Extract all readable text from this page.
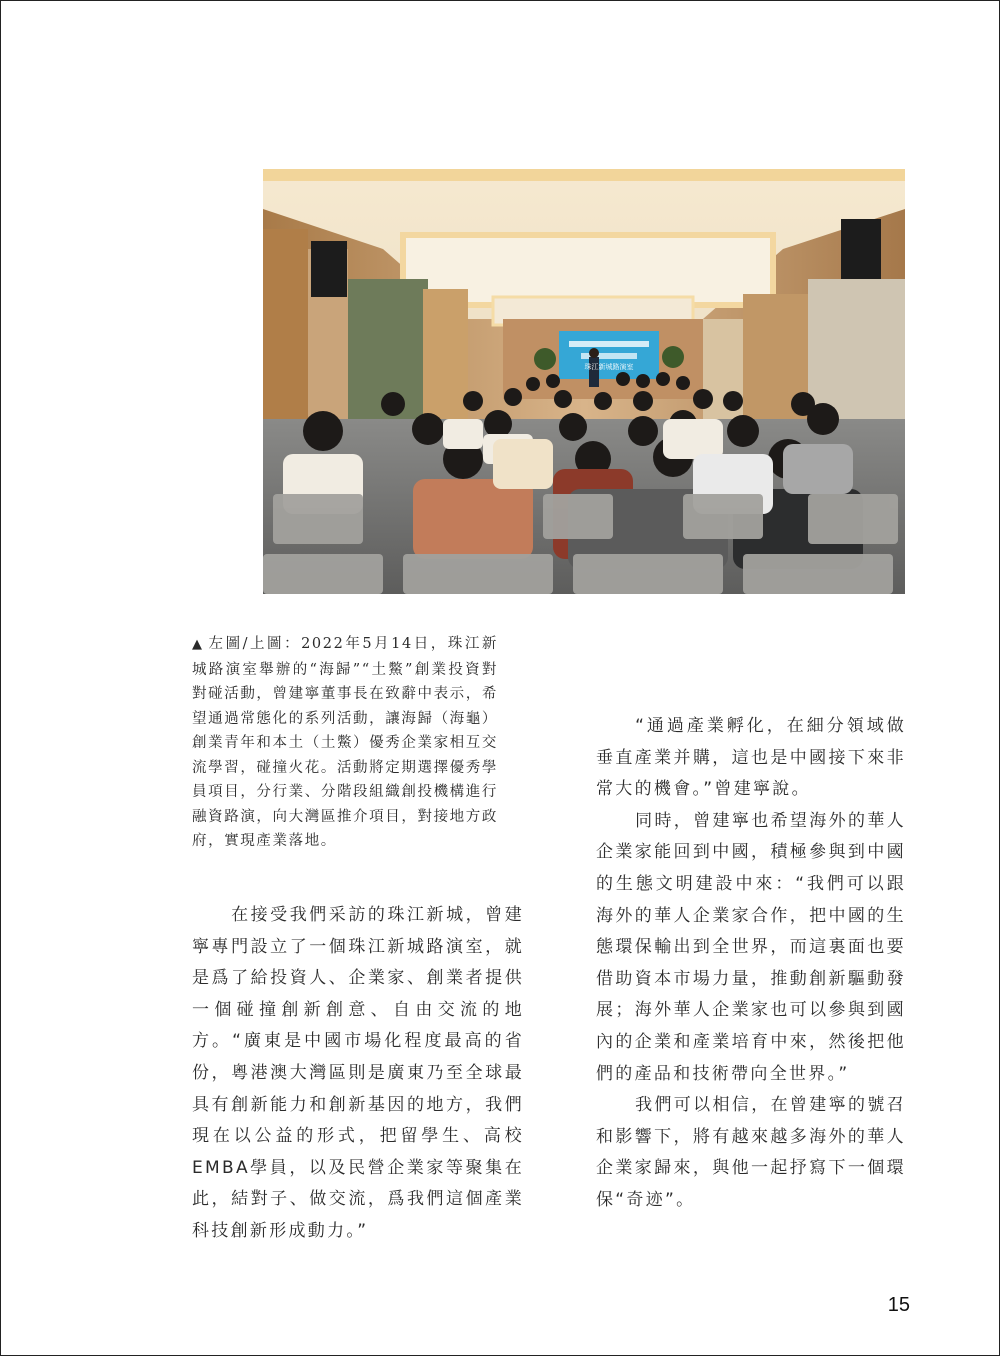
珠江新城路演室
▲ 左圖/上圖：2022年5月14日，珠江新城路演室舉辦的“海歸”“土鱉”創業投資對對碰活動，曾建寧董事長在致辭中表示，希望通過常態化的系列活動，讓海歸（海龜）創業青年和本土（土鱉）優秀企業家相互交流學習，碰撞火花。活動將定期選擇優秀學員項目，分行業、分階段組織創投機構進行融資路演，向大灣區推介項目，對接地方政府，實現產業落地。

在接受我們采訪的珠江新城，曾建寧專門設立了一個珠江新城路演室，就是爲了給投資人、企業家、創業者提供一個碰撞創新創意、自由交流的地方。“廣東是中國市場化程度最高的省份，粵港澳大灣區則是廣東乃至全球最具有創新能力和創新基因的地方，我們現在以公益的形式，把留學生、高校EMBA學員，以及民營企業家等聚集在此，結對子、做交流，爲我們這個產業科技創新形成動力。”

“通過產業孵化，在細分領域做垂直產業并購，這也是中國接下來非常大的機會。”曾建寧說。

同時，曾建寧也希望海外的華人企業家能回到中國，積極參與到中國的生態文明建設中來：“我們可以跟海外的華人企業家合作，把中國的生態環保輸出到全世界，而這裏面也要借助資本市場力量，推動創新驅動發展；海外華人企業家也可以參與到國內的企業和產業培育中來，然後把他們的產品和技術帶向全世界。”

我們可以相信，在曾建寧的號召和影響下，將有越來越多海外的華人企業家歸來，與他一起抒寫下一個環保“奇迹”。

15
